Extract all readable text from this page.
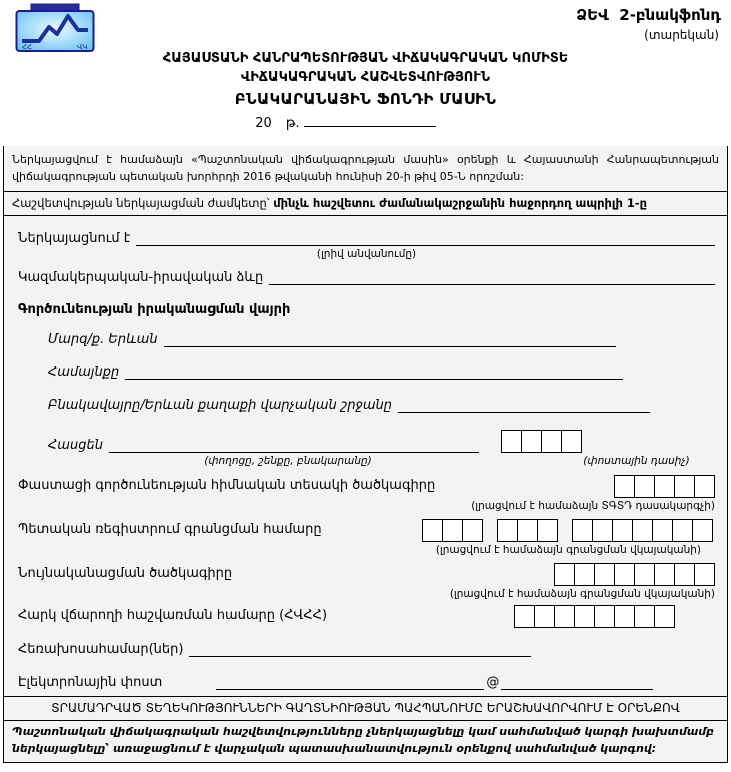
ՀՀ	ՎԿ
ՁԵՎ  2-բնակֆոնդ
(տարեկան)
ՀԱՅԱՍՏԱՆԻ ՀԱՆՐԱՊԵՏՈՒԹՅԱՆ ՎԻՃԱԿԱԳՐԱԿԱՆ ԿՈՄԻՏԵ
ՎԻՃԱԿԱԳՐԱԿԱՆ ՀԱՇՎԵՏՎՈՒԹՅՈՒՆ
ԲՆԱԿԱՐԱՆԱՅԻՆ ՖՈՆԴԻ ՄԱՍԻՆ
20 թ.
Ներկայացվում է համաձայն «Պաշտոնական վիճակագրության մասին» օրենքի և Հայաստանի Հանրապետության վիճակագրության պետական խորհրդի 2016 թվականի հունիսի 20-ի թիվ 05-Ն որոշման:
Հաշվետվության ներկայացման ժամկետը՝ մինչև հաշվետու ժամանակաշրջանին հաջորդող ապրիլի 1-ը
Ներկայացնում է
(լրիվ անվանումը)
Կազմակերպական-իրավական ձևը
Գործունեության իրականացման վայրի
Մարզ/ք. Երևան
Համայնքը
Բնակավայրը/Երևան քաղաքի վարչական շրջանը
Հասցեն
(փողոցը, շենքը, բնակարանը)	(փոստային դասիչ)
Փաստացի գործունեության հիմնական տեսակի ծածկագիրը
(լրացվում է համաձայն ՏԳՏԴ դասակարգչի)
Պետական ռեգիստրում գրանցման համարը
(լրացվում է համաձայն գրանցման վկայականի)
Նույնականացման ծածկագիրը
(լրացվում է համաձայն գրանցման վկայականի)
Հարկ վճարողի հաշվառման համարը (ՀՎՀՀ)
Հեռախոսահամար(ներ)
Էլեկտրոնային փոստ	@
ՏՐԱՄԱԴՐՎԱԾ ՏԵՂԵԿՈՒԹՅՈՒՆՆԵՐԻ ԳԱՂՏՆԻՈՒԹՅԱՆ ՊԱՀՊԱՆՈՒՄԸ ԵՐԱՇԽԱՎՈՐՎՈՒՄ Է ՕՐԵՆՔՈՎ
Պաշտոնական վիճակագրական հաշվետվությունները չներկայացնելը կամ սահմանված կարգի խախտմամբ ներկայացնելը՝ առաջացնում է վարչական պատասխանատվություն օրենքով սահմանված կարգով:
